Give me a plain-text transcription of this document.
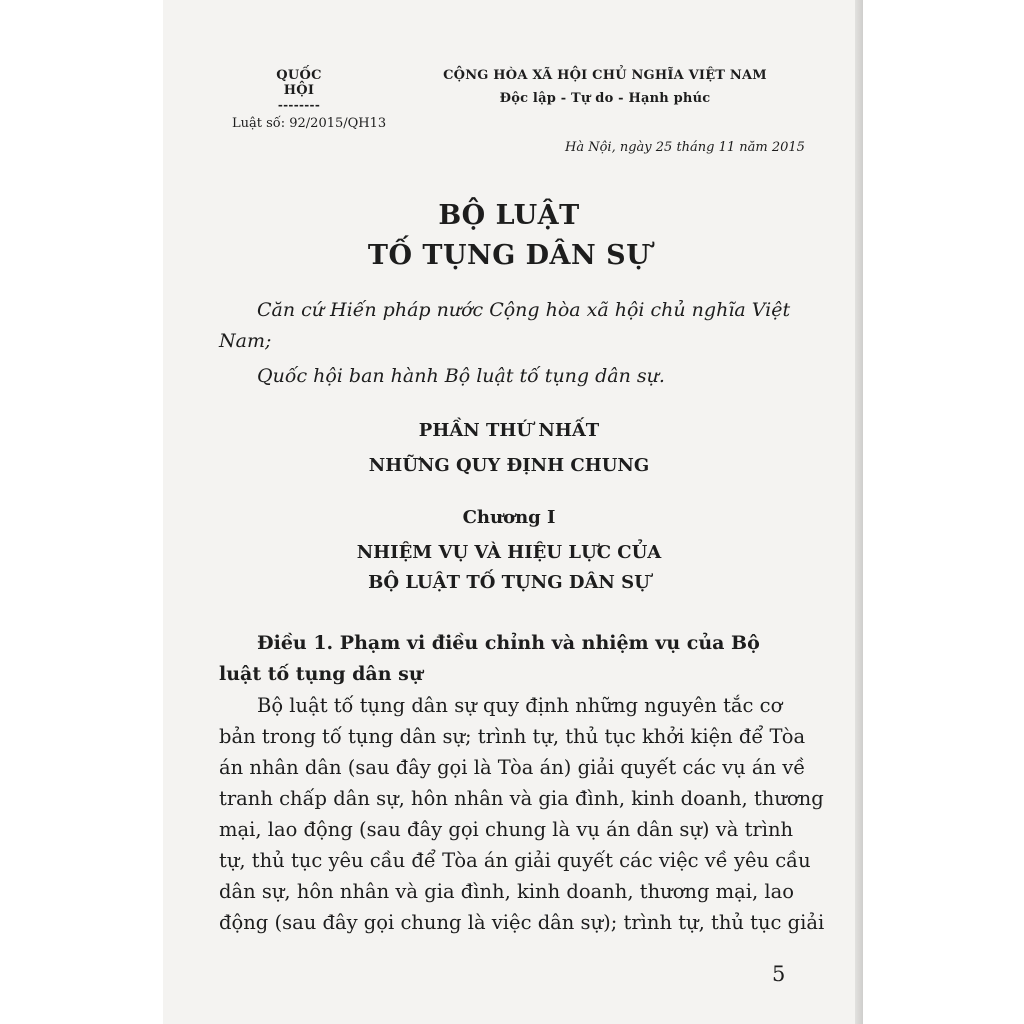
QUỐC HỘI
--------
Luật số: 92/2015/QH13
CỘNG HÒA XÃ HỘI CHỦ NGHĨA VIỆT NAM
Độc lập - Tự do - Hạnh phúc
Hà Nội, ngày 25 tháng 11 năm 2015
BỘ LUẬT
TỐ TỤNG DÂN SỰ
Căn cứ Hiến pháp nước Cộng hòa xã hội chủ nghĩa Việt
Nam;
Quốc hội ban hành Bộ luật tố tụng dân sự.
PHẦN THỨ NHẤT
NHỮNG QUY ĐỊNH CHUNG
Chương I
NHIỆM VỤ VÀ HIỆU LỰC CỦA
BỘ LUẬT TỐ TỤNG DÂN SỰ
Điều 1. Phạm vi điều chỉnh và nhiệm vụ của Bộ
luật tố tụng dân sự
Bộ luật tố tụng dân sự quy định những nguyên tắc cơ
bản trong tố tụng dân sự; trình tự, thủ tục khởi kiện để Tòa
án nhân dân (sau đây gọi là Tòa án) giải quyết các vụ án về
tranh chấp dân sự, hôn nhân và gia đình, kinh doanh, thương
mại, lao động (sau đây gọi chung là vụ án dân sự) và trình
tự, thủ tục yêu cầu để Tòa án giải quyết các việc về yêu cầu
dân sự, hôn nhân và gia đình, kinh doanh, thương mại, lao
động (sau đây gọi chung là việc dân sự); trình tự, thủ tục giải
5
